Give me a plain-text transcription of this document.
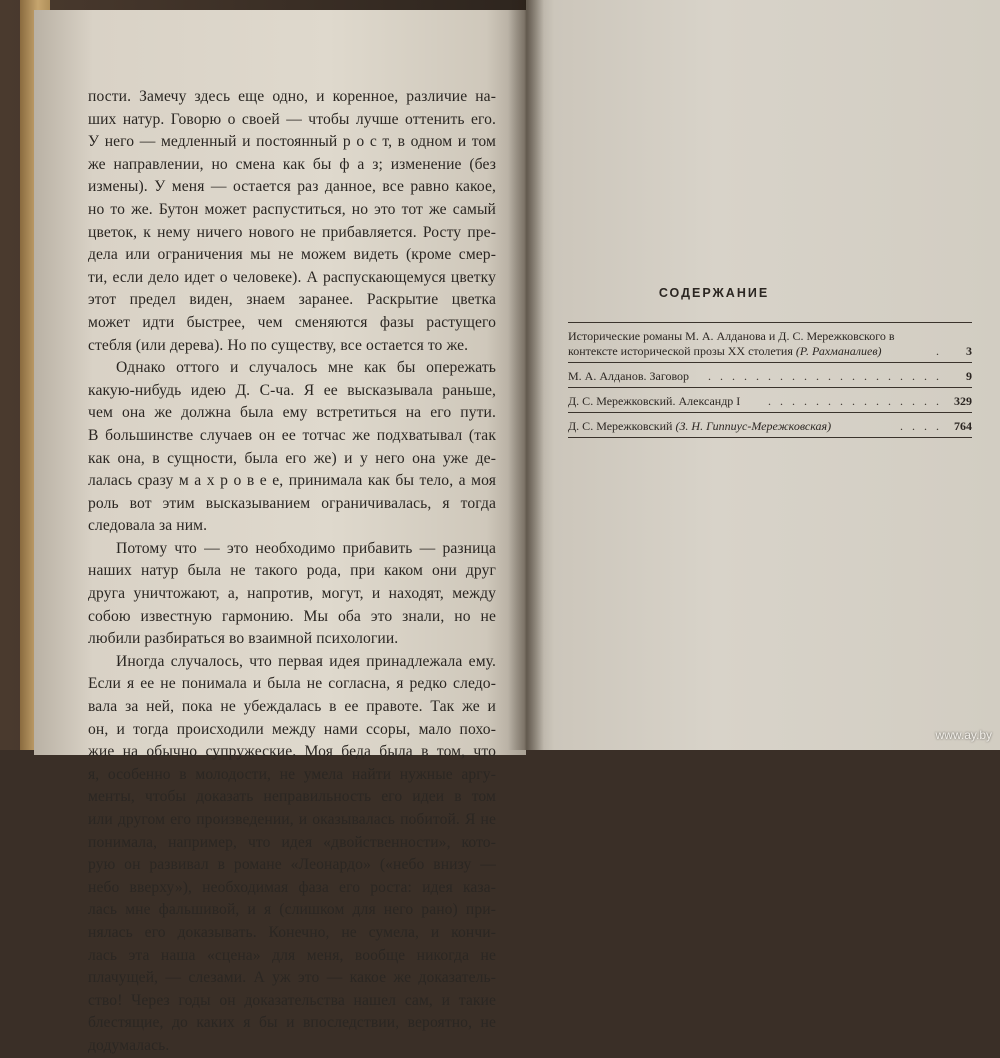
пости. Замечу здесь еще одно, и коренное, различие на-
ших натур. Говорю о своей — чтобы лучше оттенить его.
У него — медленный и постоянный р о с т, в одном и том
же направлении, но смена как бы ф а з; изменение (без
измены). У меня — остается раз данное, все равно какое,
но то же. Бутон может распуститься, но это тот же самый
цветок, к нему ничего нового не прибавляется. Росту пре-
дела или ограничения мы не можем видеть (кроме смер-
ти, если дело идет о человеке). А распускающемуся цветку
этот предел виден, знаем заранее. Раскрытие цветка
может идти быстрее, чем сменяются фазы растущего
стебля (или дерева). Но по существу, все остается то же.
Однако оттого и случалось мне как бы опережать
какую-нибудь идею Д. С-ча. Я ее высказывала раньше,
чем она же должна была ему встретиться на его пути.
В большинстве случаев он ее тотчас же подхватывал (так
как она, в сущности, была его же) и у него она уже де-
лалась сразу м а х р о в е е, принимала как бы тело, а моя
роль вот этим высказыванием ограничивалась, я тогда
следовала за ним.
Потому что — это необходимо прибавить — разница
наших натур была не такого рода, при каком они друг
друга уничтожают, а, напротив, могут, и находят, между
собою известную гармонию. Мы оба это знали, но не
любили разбираться во взаимной психологии.
Иногда случалось, что первая идея принадлежала ему.
Если я ее не понимала и была не согласна, я редко следо-
вала за ней, пока не убеждалась в ее правоте. Так же и
он, и тогда происходили между нами ссоры, мало похо-
жие на обычно супружеские. Моя беда была в том, что
я, особенно в молодости, не умела найти нужные аргу-
менты, чтобы доказать неправильность его идеи в том
или другом его произведении, и оказывалась побитой. Я не
понимала, например, что идея «двойственности», кото-
рую он развивал в романе «Леонардо» («небо внизу —
небо вверху»), необходимая фаза его роста: идея каза-
лась мне фальшивой, и я (слишком для него рано) при-
нялась его доказывать. Конечно, не сумела, и кончи-
лась эта наша «сцена» для меня, вообще никогда не
плачущей, — слезами. А уж это — какое же доказатель-
ство! Через годы он доказательства нашел сам, и такие
блестящие, до каких я бы и впоследствии, вероятно, не
додумалась.
СОДЕРЖАНИЕ
Исторические романы М. А. Алданова и Д. С. Мережковского в контексте исторической прозы XX столетия (Р. Рахманалиев)	.	3
М. А. Алданов. Заговор	. . . . . . . . . . . . . . . . . . . .	9
Д. С. Мережковский. Александр I	. . . . . . . . . . . . . . .	329
Д. С. Мережковский (З. Н. Гиппиус-Мережковская)	. . . .	764
www.ay.by
